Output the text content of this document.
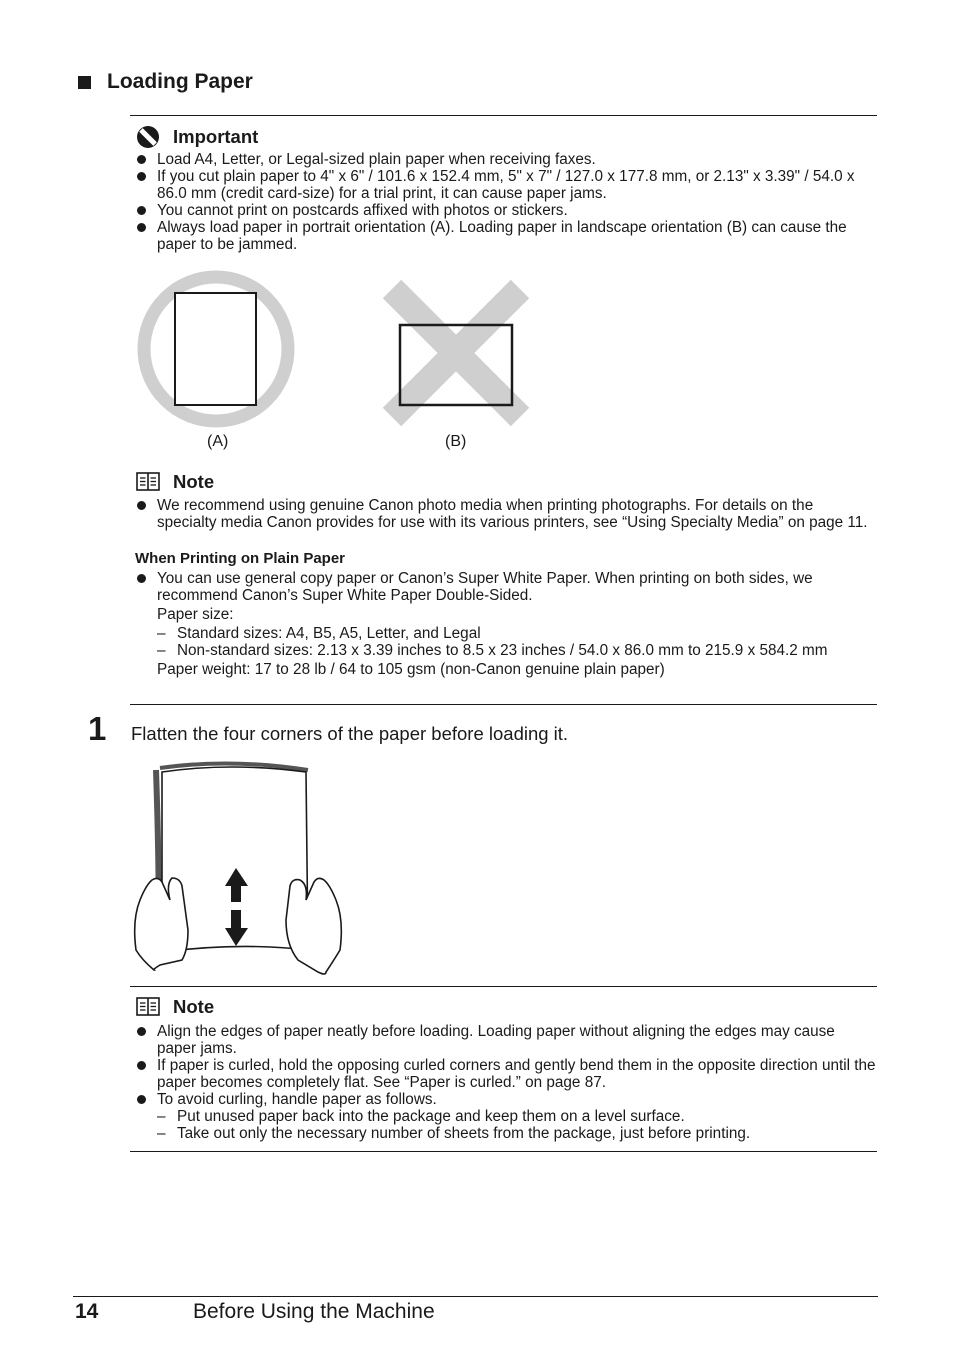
Loading Paper
Important
Load A4, Letter, or Legal-sized plain paper when receiving faxes.
If you cut plain paper to 4" x 6" / 101.6 x 152.4 mm, 5" x 7" / 127.0 x 177.8 mm, or 2.13" x 3.39" / 54.0 x 86.0 mm (credit card-size) for a trial print, it can cause paper jams.
You cannot print on postcards affixed with photos or stickers.
Always load paper in portrait orientation (A). Loading paper in landscape orientation (B) can cause the paper to be jammed.
(A)	(B)
Note
We recommend using genuine Canon photo media when printing photographs. For details on the specialty media Canon provides for use with its various printers, see “Using Specialty Media” on page 11.
When Printing on Plain Paper
You can use general copy paper or Canon’s Super White Paper. When printing on both sides, we recommend Canon’s Super White Paper Double-Sided.
Paper size:
– Standard sizes: A4, B5, A5, Letter, and Legal
– Non-standard sizes: 2.13 x 3.39 inches to 8.5 x 23 inches / 54.0 x 86.0 mm to 215.9 x 584.2 mm
Paper weight: 17 to 28 lb / 64 to 105 gsm (non-Canon genuine plain paper)
1 Flatten the four corners of the paper before loading it.
Note
Align the edges of paper neatly before loading. Loading paper without aligning the edges may cause paper jams.
If paper is curled, hold the opposing curled corners and gently bend them in the opposite direction until the paper becomes completely flat. See “Paper is curled.” on page 87.
To avoid curling, handle paper as follows.
– Put unused paper back into the package and keep them on a level surface.
– Take out only the necessary number of sheets from the package, just before printing.
14	Before Using the Machine
